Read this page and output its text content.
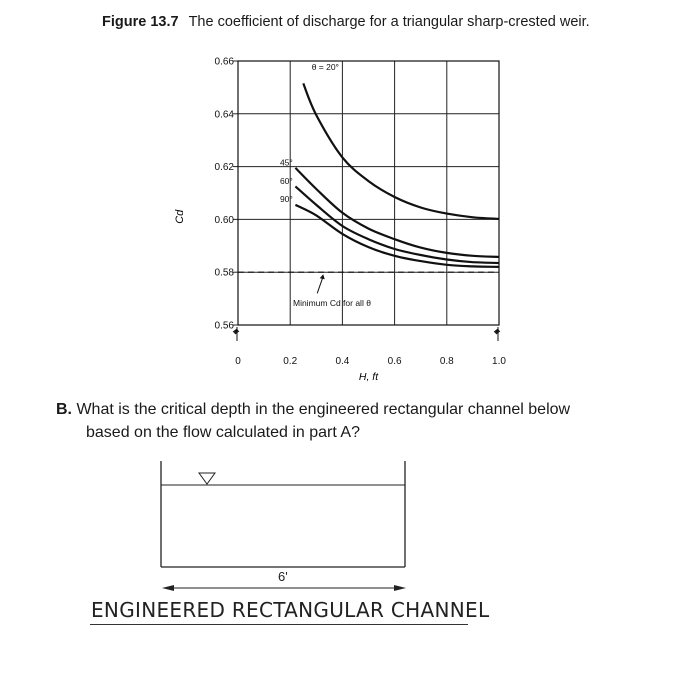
Figure 13.7 The coefficient of discharge for a triangular sharp-crested weir.
0	0.2	0.4	0.6	0.8	1.0
0.56
0.58
0.60
0.62
0.64
0.66	θ = 20°
45°
60°
90°
Minimum Cd for all θ
H, ft
Cd
B. What is the critical depth in the engineered rectangular channel below
based on the flow calculated in part A?
6'
ENGINEERED RECTANGULAR CHANNEL
